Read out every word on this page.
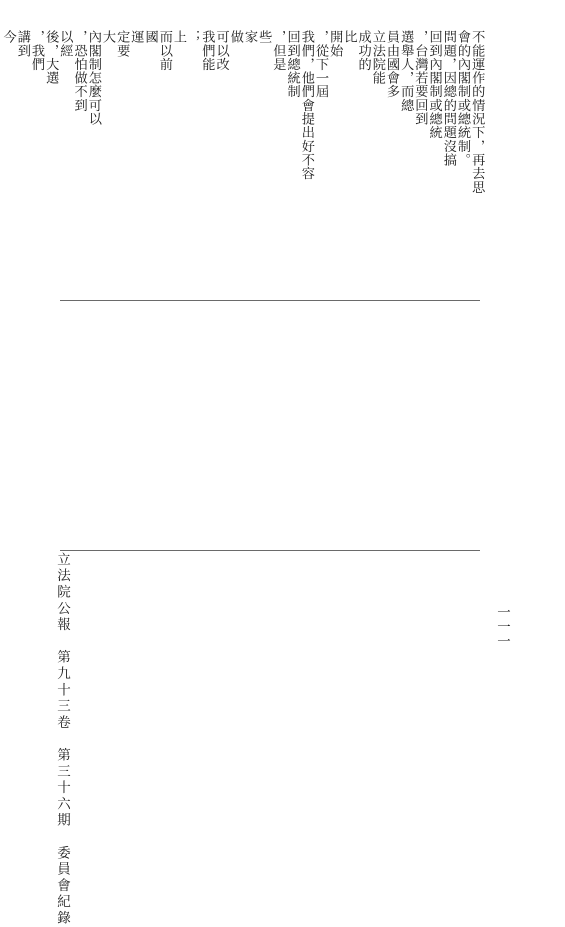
一一一
立法院公報　第九十三卷　第三十六期　委員會紀錄
不能運作的情況下，再去思
會的內閣制或總統制。
問題，因總的問題沒搞
回到內閣制或總統
，台灣若要回到
選舉人，而總
員由國會多
立法院能
成功的
比
開始
，從下一屆
我們，他們會提出好不容
回到總統制
，但是
些
家
做
可以改
我們能
；
上
而以前
國
運
定要
大
內閣制怎麼可以
，恐怕做不到
以經
後，大選
，我們
講到
今
